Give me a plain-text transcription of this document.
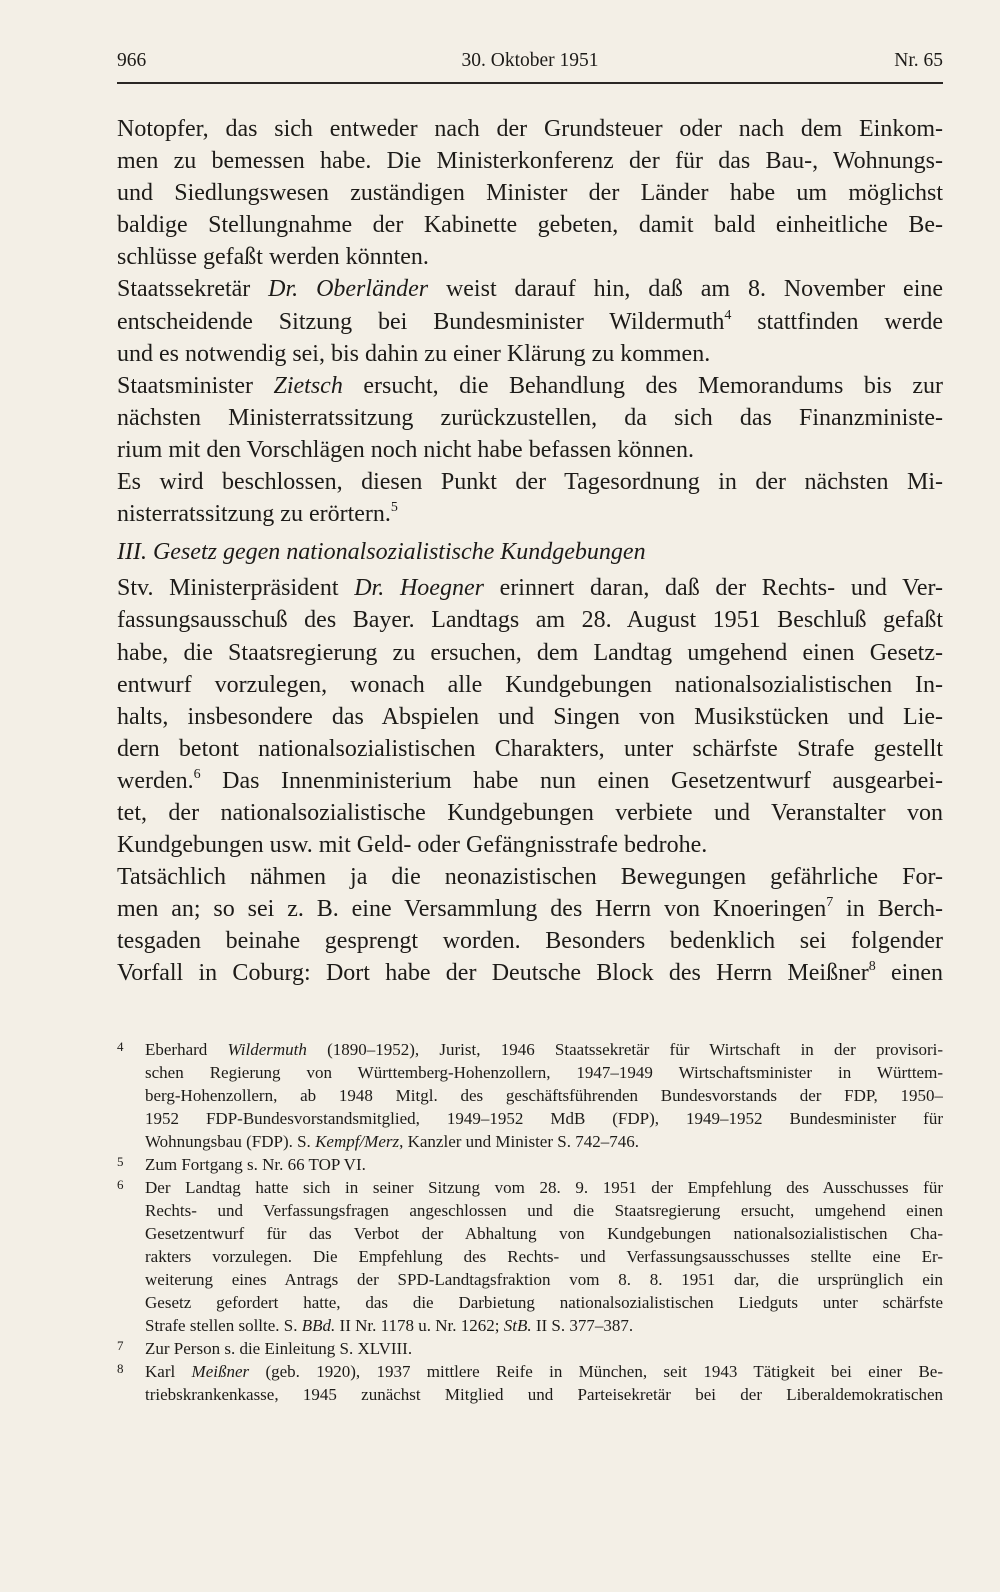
966	30. Oktober 1951	Nr. 65
Notopfer, das sich entweder nach der Grundsteuer oder nach dem Einkom-
men zu bemessen habe. Die Ministerkonferenz der für das Bau-, Wohnungs-
und Siedlungswesen zuständigen Minister der Länder habe um möglichst
baldige Stellungnahme der Kabinette gebeten, damit bald einheitliche Be-
schlüsse gefaßt werden könnten.
Staatssekretär Dr. Oberländer weist darauf hin, daß am 8. November eine
entscheidende Sitzung bei Bundesminister Wildermuth$^4$ stattfinden werde
und es notwendig sei, bis dahin zu einer Klärung zu kommen.
Staatsminister Zietsch ersucht, die Behandlung des Memorandums bis zur
nächsten Ministerratssitzung zurückzustellen, da sich das Finanzministe-
rium mit den Vorschlägen noch nicht habe befassen können.
Es wird beschlossen, diesen Punkt der Tagesordnung in der nächsten Mi-
nisterratssitzung zu erörtern.$^5$
III. Gesetz gegen nationalsozialistische Kundgebungen
Stv. Ministerpräsident Dr. Hoegner erinnert daran, daß der Rechts- und Ver-
fassungsausschuß des Bayer. Landtags am 28. August 1951 Beschluß gefaßt
habe, die Staatsregierung zu ersuchen, dem Landtag umgehend einen Gesetz-
entwurf vorzulegen, wonach alle Kundgebungen nationalsozialistischen In-
halts, insbesondere das Abspielen und Singen von Musikstücken und Lie-
dern betont nationalsozialistischen Charakters, unter schärfste Strafe gestellt
werden.$^6$ Das Innenministerium habe nun einen Gesetzentwurf ausgearbei-
tet, der nationalsozialistische Kundgebungen verbiete und Veranstalter von
Kundgebungen usw. mit Geld- oder Gefängnisstrafe bedrohe.
Tatsächlich nähmen ja die neonazistischen Bewegungen gefährliche For-
men an; so sei z. B. eine Versammlung des Herrn von Knoeringen$^7$ in Berch-
tesgaden beinahe gesprengt worden. Besonders bedenklich sei folgender
Vorfall in Coburg: Dort habe der Deutsche Block des Herrn Meißner$^8$ einen
4	Eberhard Wildermuth (1890–1952), Jurist, 1946 Staatssekretär für Wirtschaft in der provisori-
schen Regierung von Württemberg-Hohenzollern, 1947–1949 Wirtschaftsminister in Württem-
berg-Hohenzollern, ab 1948 Mitgl. des geschäftsführenden Bundesvorstands der FDP, 1950–
1952 FDP-Bundesvorstandsmitglied, 1949–1952 MdB (FDP), 1949–1952 Bundesminister für
Wohnungsbau (FDP). S. Kempf/Merz, Kanzler und Minister S. 742–746.
5	Zum Fortgang s. Nr. 66 TOP VI.
6	Der Landtag hatte sich in seiner Sitzung vom 28. 9. 1951 der Empfehlung des Ausschusses für
Rechts- und Verfassungsfragen angeschlossen und die Staatsregierung ersucht, umgehend einen
Gesetzentwurf für das Verbot der Abhaltung von Kundgebungen nationalsozialistischen Cha-
rakters vorzulegen. Die Empfehlung des Rechts- und Verfassungsausschusses stellte eine Er-
weiterung eines Antrags der SPD-Landtagsfraktion vom 8. 8. 1951 dar, die ursprünglich ein
Gesetz gefordert hatte, das die Darbietung nationalsozialistischen Liedguts unter schärfste
Strafe stellen sollte. S. BBd. II Nr. 1178 u. Nr. 1262; StB. II S. 377–387.
7	Zur Person s. die Einleitung S. XLVIII.
8	Karl Meißner (geb. 1920), 1937 mittlere Reife in München, seit 1943 Tätigkeit bei einer Be-
triebskrankenkasse, 1945 zunächst Mitglied und Parteisekretär bei der Liberaldemokratischen
